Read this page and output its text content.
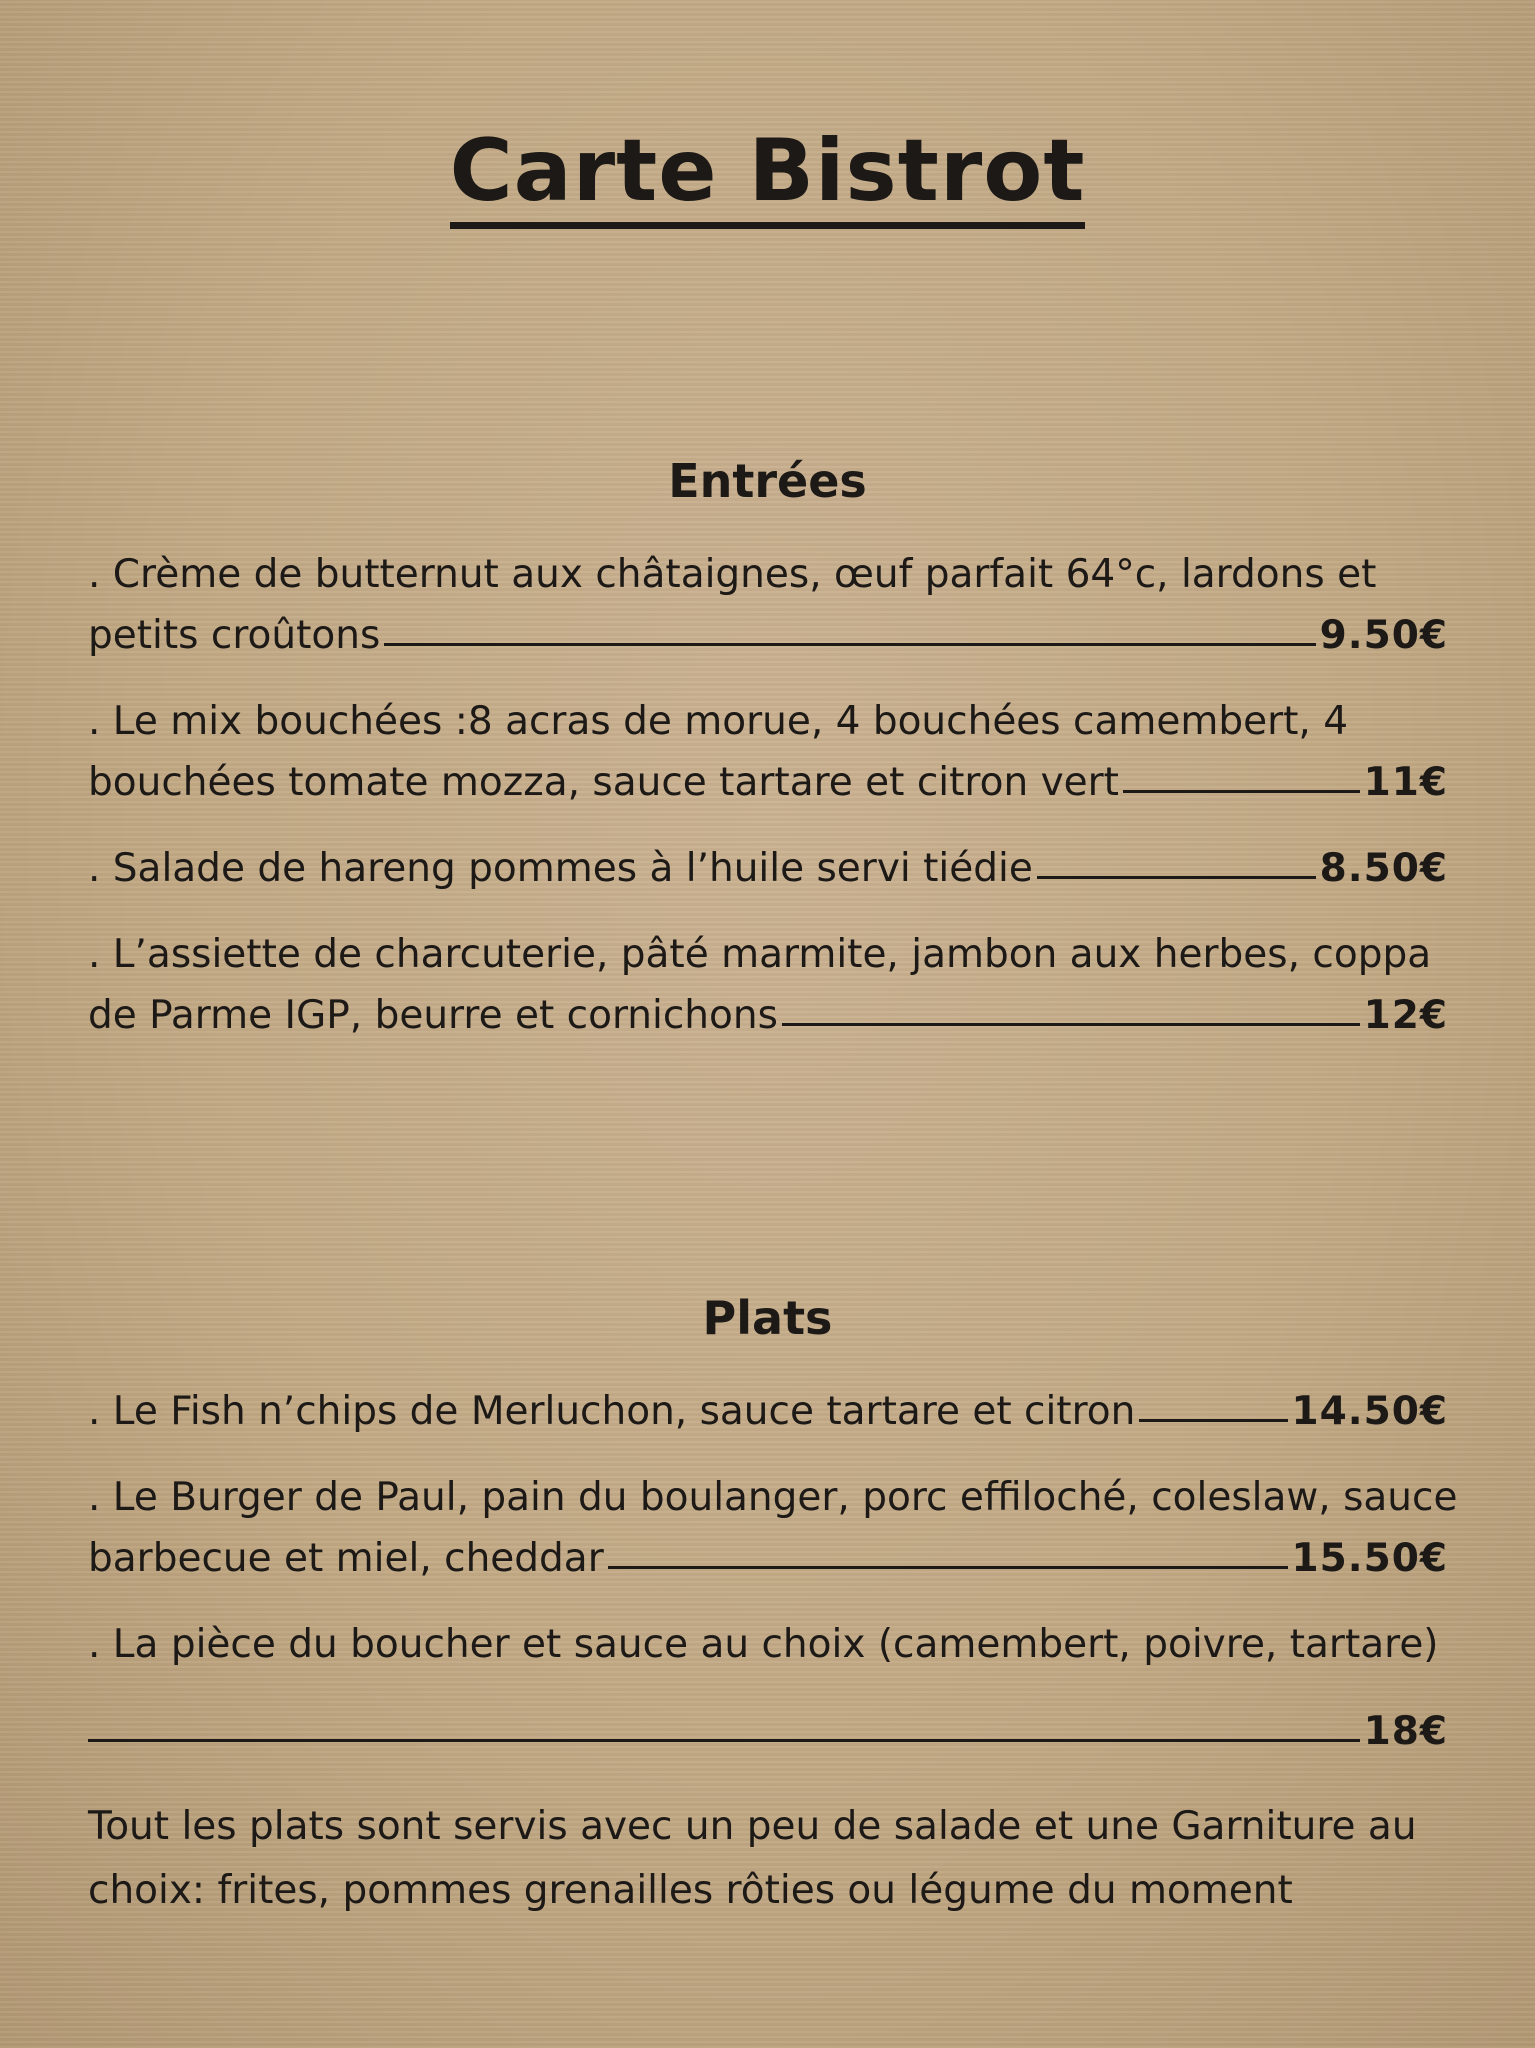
Carte Bistrot
Entrées
. Crème de butternut aux châtaignes, œuf parfait 64°c, lardons et
petits croûtons	9.50€
. Le mix bouchées :8 acras de morue, 4 bouchées camembert, 4
bouchées tomate mozza, sauce tartare et citron vert	11€
. Salade de hareng pommes à l’huile servi tiédie	8.50€
. L’assiette de charcuterie, pâté marmite, jambon aux herbes, coppa
de Parme IGP, beurre et cornichons	12€
Plats
. Le Fish n’chips de Merluchon, sauce tartare et citron	14.50€
. Le Burger de Paul, pain du boulanger, porc effiloché, coleslaw, sauce
barbecue et miel, cheddar	15.50€
. La pièce du boucher et sauce au choix (camembert, poivre, tartare)
18€
Tout les plats sont servis avec un peu de salade et une Garniture au
choix: frites, pommes grenailles rôties ou légume du moment
